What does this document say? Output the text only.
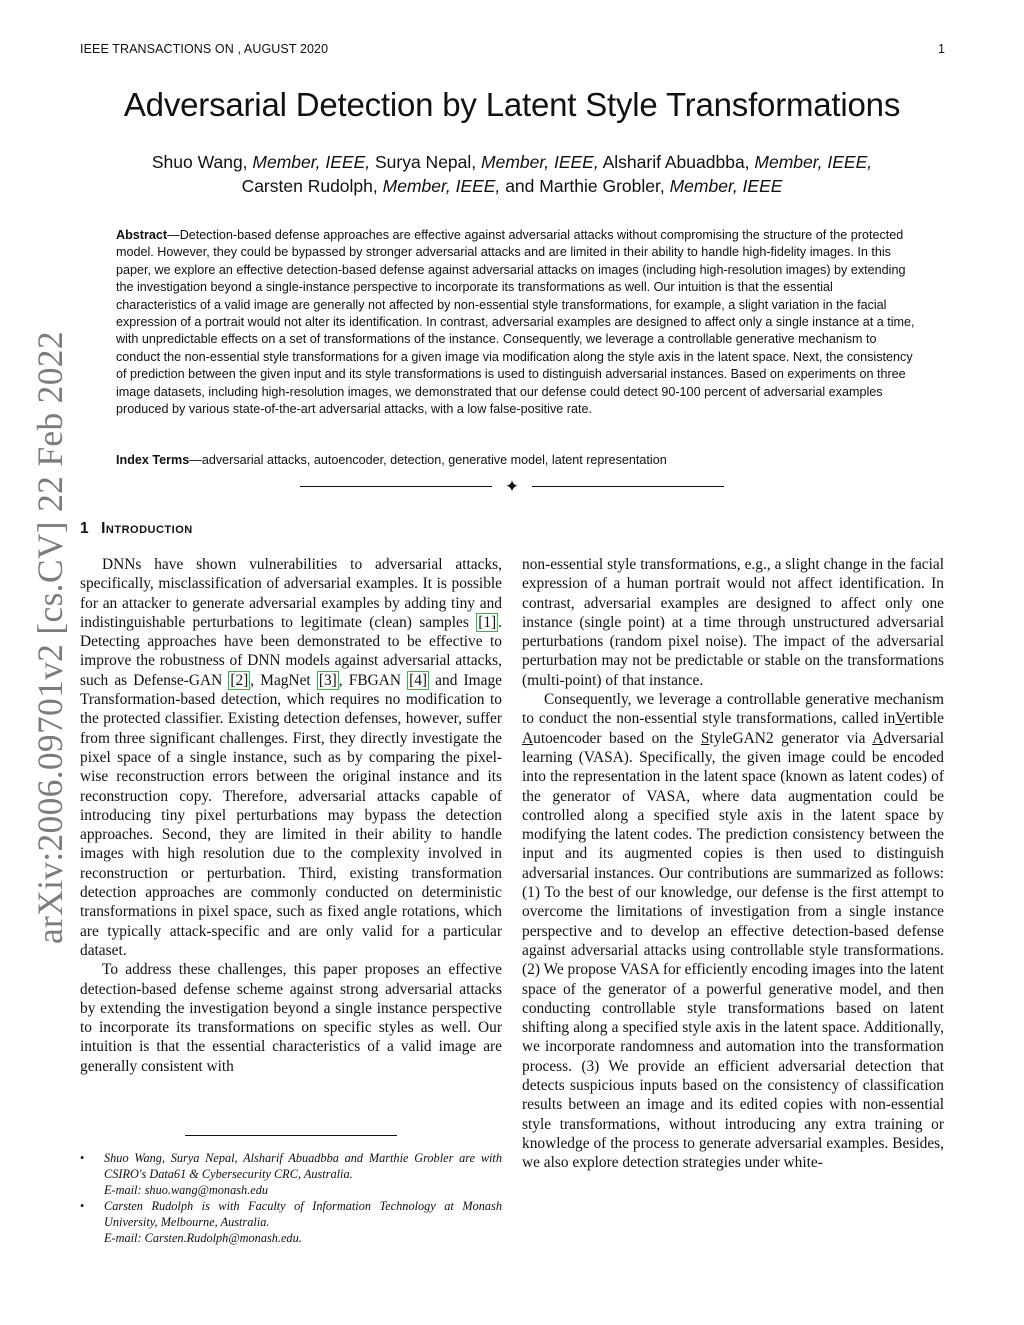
IEEE TRANSACTIONS ON , AUGUST 2020	1
Adversarial Detection by Latent Style Transformations
Shuo Wang, Member, IEEE, Surya Nepal, Member, IEEE, Alsharif Abuadbba, Member, IEEE,
Carsten Rudolph, Member, IEEE, and Marthie Grobler, Member, IEEE
Abstract—Detection-based defense approaches are effective against adversarial attacks without compromising the structure of the protected model. However, they could be bypassed by stronger adversarial attacks and are limited in their ability to handle high-fidelity images. In this paper, we explore an effective detection-based defense against adversarial attacks on images (including high-resolution images) by extending the investigation beyond a single-instance perspective to incorporate its transformations as well. Our intuition is that the essential characteristics of a valid image are generally not affected by non-essential style transformations, for example, a slight variation in the facial expression of a portrait would not alter its identification. In contrast, adversarial examples are designed to affect only a single instance at a time, with unpredictable effects on a set of transformations of the instance. Consequently, we leverage a controllable generative mechanism to conduct the non-essential style transformations for a given image via modification along the style axis in the latent space. Next, the consistency of prediction between the given input and its style transformations is used to distinguish adversarial instances. Based on experiments on three image datasets, including high-resolution images, we demonstrated that our defense could detect 90-100 percent of adversarial examples produced by various state-of-the-art adversarial attacks, with a low false-positive rate.
Index Terms—adversarial attacks, autoencoder, detection, generative model, latent representation
✦
arXiv:2006.09701v2 [cs.CV] 22 Feb 2022 1 Introduction

DNNs have shown vulnerabilities to adversarial attacks, specifically, misclassification of adversarial examples. It is possible for an attacker to generate adversarial examples by adding tiny and indistinguishable perturbations to legitimate (clean) samples [1] . Detecting approaches have been demonstrated to be effective to improve the robustness of DNN models against adversarial attacks, such as Defense-GAN [2] , MagNet [3] , FBGAN [4] and Image Transformation-based detection, which requires no modification to the protected classifier. Existing detection defenses, however, suffer from three significant challenges. First, they directly investigate the pixel space of a single instance, such as by comparing the pixel-wise reconstruction errors between the original instance and its reconstruction copy. Therefore, adversarial attacks capable of introducing tiny pixel perturbations may bypass the detection approaches. Second, they are limited in their ability to handle images with high resolution due to the complexity involved in reconstruction or perturbation. Third, existing transformation detection approaches are commonly conducted on deterministic transformations in pixel space, such as fixed angle rotations, which are typically attack-specific and are only valid for a particular dataset.

To address these challenges, this paper proposes an effective detection-based defense scheme against strong adversarial attacks by extending the investigation beyond a single instance perspective to incorporate its transformations on specific styles as well. Our intuition is that the essential characteristics of a valid image are generally consistent with

• Shuo Wang, Surya Nepal, Alsharif Abuadbba and Marthie Grobler are with CSIRO's Data61 & Cybersecurity CRC, Australia.
E-mail: shuo.wang@monash.edu
• Carsten Rudolph is with Faculty of Information Technology at Monash University, Melbourne, Australia.
E-mail: Carsten.Rudolph@monash.edu.

non-essential style transformations, e.g., a slight change in the facial expression of a human portrait would not affect identification. In contrast, adversarial examples are designed to affect only one instance (single point) at a time through unstructured adversarial perturbations (random pixel noise). The impact of the adversarial perturbation may not be predictable or stable on the transformations (multi-point) of that instance.

Consequently, we leverage a controllable generative mechanism to conduct the non-essential style transformations, called inVertible Autoencoder based on the StyleGAN2 generator via Adversarial learning (VASA). Specifically, the given image could be encoded into the representation in the latent space (known as latent codes) of the generator of VASA, where data augmentation could be controlled along a specified style axis in the latent space by modifying the latent codes. The prediction consistency between the input and its augmented copies is then used to distinguish adversarial instances. Our contributions are summarized as follows: (1) To the best of our knowledge, our defense is the first attempt to overcome the limitations of investigation from a single instance perspective and to develop an effective detection-based defense against adversarial attacks using controllable style transformations. (2) We propose VASA for efficiently encoding images into the latent space of the generator of a powerful generative model, and then conducting controllable style transformations based on latent shifting along a specified style axis in the latent space. Additionally, we incorporate randomness and automation into the transformation process. (3) We provide an efficient adversarial detection that detects suspicious inputs based on the consistency of classification results between an image and its edited copies with non-essential style transformations, without introducing any extra training or knowledge of the process to generate adversarial examples. Besides, we also explore detection strategies under white-
